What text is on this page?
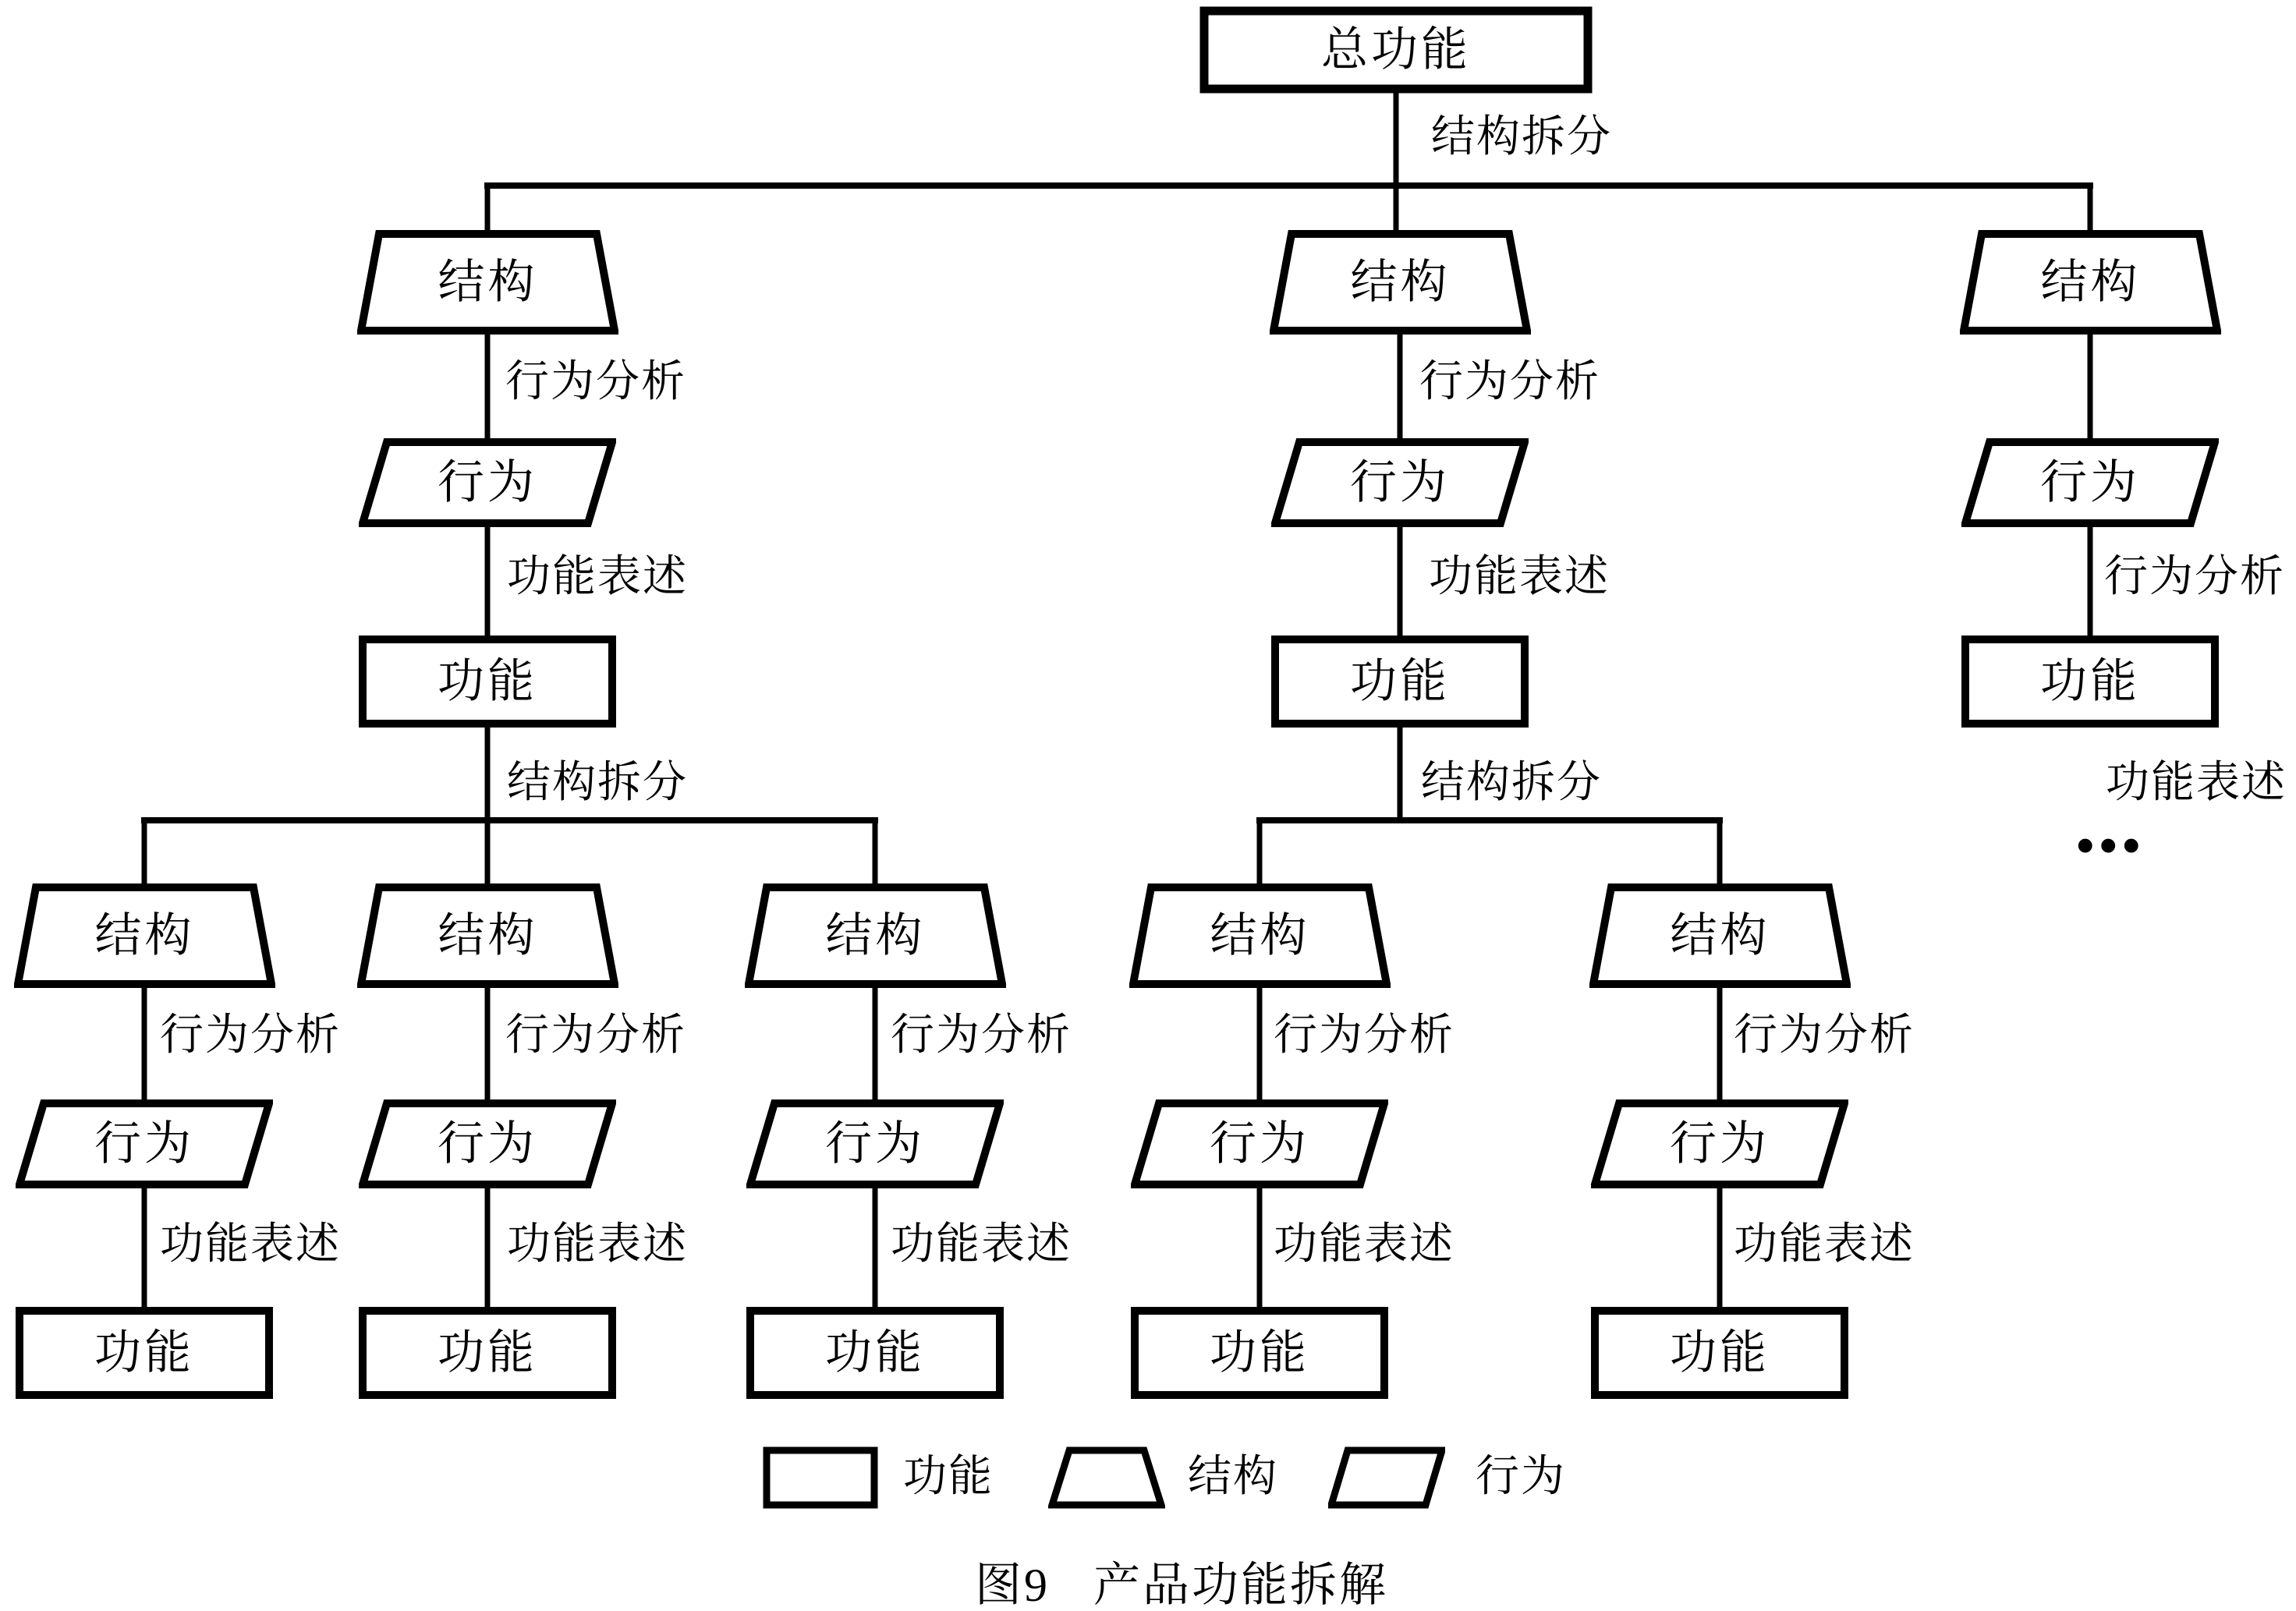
总功能
结构拆分
结构	结构	结构
行为分析	行为分析
行为	行为	行为
功能表述	功能表述	行为分析
功能	功能	功能
结构拆分	结构拆分	功能表述
...
结构	结构	结构	结构	结构
行为分析	行为分析	行为分析	行为分析	行为分析
行为	行为	行为	行为	行为
功能表述	功能表述	功能表述	功能表述	功能表述
功能	功能	功能	功能	功能
功能	结构	行为
图9 产品功能拆解
